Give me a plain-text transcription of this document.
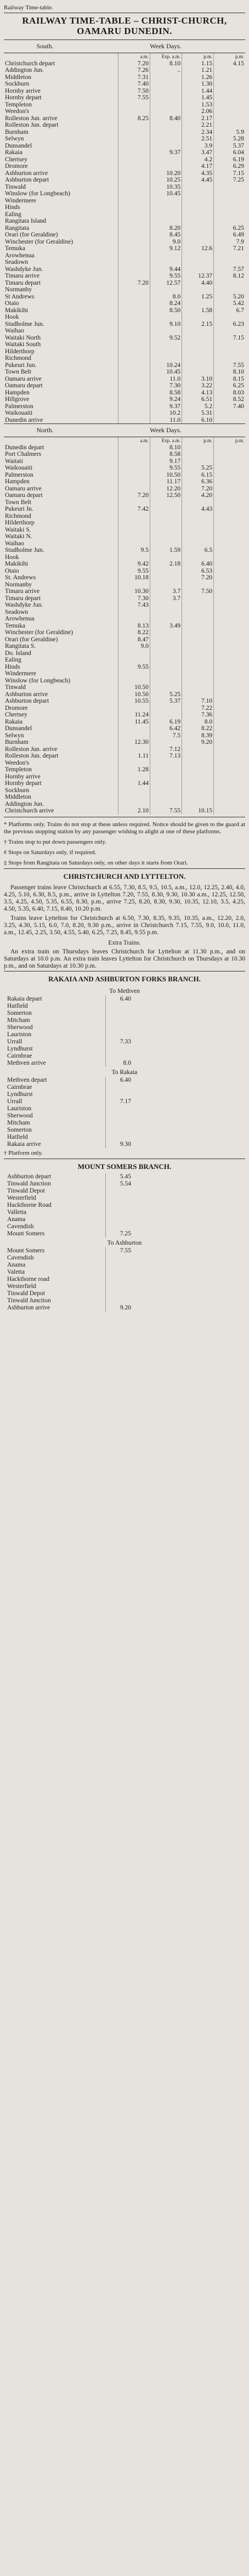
Railway Time-table.
RAILWAY TIME-TABLE – CHRIST-CHURCH, OAMARU DUNEDIN.
South.	Week Days.
	a.m.	Exp. a.m.	p.m.	p.m.
Christchurch depart	7.20	8.10	1.15	4.15
Addington Jun.	7.26	..	1.21	
Middleton	7.31		1.26	
Sockburn	7.40		1.30	
Hornby arrive	7.50		1.44	
Hornby depart	7.55		1.45	
Templeton			1.53	
Weedon's			2.06	
Rolleston Jun. arrive	8.25	8.40	2.17	
Rolleston Jun. depart			2.21	
Burnham			2.34	5.9
Selwyn			2.51	5.28
Dunsandel			3.9	5.37
Rakaia		9.37	3.47	6.04
Chertsey			4.2	6.19
Dromore			4.17	6.29
Ashburton arrive		10.20	4.35	7.15
Ashburton depart		10.25	4.45	7.25
Tinwald		10.35		
Winslow (for Longbeach)		10.45		
Windermere				
Hinds				
Ealing				
Rangitata Island				
Rangitata		8.20		6.25
Orari (for Geraldine)		8.45		6.49
Winchester (for Geraldine)		9.0		7.9
Temuka		9.12	12.6	7.21
Arowhenua				
Seadown				
Washdyke Jun.		9.44		7.57
Timaru arrive		9.55	12.37	8.12
Timaru depart	7.20	12.57	4.40	
Normanby				
St Andrews		8.0	1.25	5.20
Otaio		8.24		5.42
Makikihi		8.50	1.58	6.7
Hook				
Studholme Jun.		9.10	2.15	6.23
Waihao				
Waitaki North		9.52		7.15
Waitaki South				
Hilderthorp				
Richmond				
Pukeuri Jun.		10.24		7.55
Town Belt		10.45		8.10
Oamaru arrive		11.0	3.10	8.15
Oamaru depart		7.30	3.22	6.25
Hampden		8.58	4.13	8.03
Hillgrove		9.24	6.51	8.52
Palmerston		9.37	5.2	7.40
Waikouaiti		10.2	5.31	
Dunedin arrive		11.0	6.10	
North.	Week Days.
	a.m.	Exp. a.m.	p.m.	p.m.
Dunedin depart		8.10		
Port Chalmers		8.58		
Waitati		9.17		
Waikouaiti		9.55	5.25	
Palmerston		10.50	6.15	
Hampden		11.17	6.36	
Oamaru arrive		12.20	7.20	
Oamaru depart	7.20	12.50	4.20	
Town Belt				
Pukeuri Jn.	7.42		4.43	
Richmond				
Hilderthorp				
Waitaki S.				
Waitaki N.				
Waihao				
Studholme Jun.	9.5	1.59	6.5	
Hook				
Makikihi	9.42	2.18	6.40	
Otaio	9.55		6.53	
St. Andrews	10.18		7.20	
Normanby				
Timaru arrive	10.30	3.7	7.50	
Timaru depart	7.30	3.7		
Washdyke Jun.	7.43			
Seadown				
Arowhenua				
Temuka	8.13	3.49		
Winchester (for Geraldine)	8.22			
Orari (for Geraldine)	8.47			
Rangitata S.	9.0			
Do. Island				
Ealing				
Hinds	9.55			
Windermere				
Winslow (for Longbeach)				
Tinwald	10.50			
Ashburton arrive	10.50	5.25		
Ashburton depart	10.55	5.37	7.10	
Dromore			7.22	
Chertsey	11.24		7.36	
Rakaia	11.45	6.19	8.0	
Dunsandel		6.42	8.22	
Selwyn		7.5	8.39	
Burnham	12.30		9.20	
Rolleston Jun. arrive		7.12		
Rolleston Jun. depart	1.11	7.13		
Weedon's				
Templeton	1.28			
Hornby arrive				
Hornby depart	1.44			
Sockburn				
Middleton				
Addington Jun.				
Christchurch arrive	2.10	7.55	10.15	
* Platforms only. Trains do not stop at these unless required. Notice should be given to the guard at the previous stopping station by any passenger wishing to alight at one of these platforms.
† Trains stop to put down passengers only.
¢ Stops on Saturdays only, if required.
‡ Stops from Rangitata on Saturdays only, on other days it starts from Orari.
CHRISTCHURCH AND LYTTELTON.
Passenger trains leave Christchurch at 6.55, 7.30, 8.5, 9.5, 10.5, a.m., 12.0, 12.25, 2.40, 4.0, 4.25, 5.10, 6.30, 8.5, p.m., arrive in Lyttelton 7.20, 7.55, 8.30, 9.30, 10.30 a.m., 12.25, 12.50, 3.5, 4.25, 4.50, 5.35, 6.55, 8.30, p.m., arrive 7.25, 8.20, 8.30, 9.30, 10.35, 12.10, 3.5, 4.25, 4.50, 5.35, 6.40, 7.15, 8.40, 10.20 p.m.
Trains leave Lyttelton for Christchurch at 6.50, 7.30, 8.35, 9.35, 10.35, a.m., 12.20, 2.0, 3.25, 4.30, 5.15, 6.0, 7.0, 8.20, 9.30 p.m., arrive in Christchurch 7.15, 7.55, 9.0, 10.0, 11.0, a.m., 12.45, 2.25, 3.50, 4.55, 5.40, 6.25, 7.25, 8.45, 9.55 p.m.
Extra Trains.
An extra train on Thursdays leaves Christchurch for Lyttelton at 11.30 p.m., and on Saturdays at 10.0 p.m. An extra train leaves Lyttelton for Christchurch on Thursdays at 10.30 p.m., and on Saturdays at 10.30 p.m.
RAKAIA AND ASHBURTON FORKS BRANCH.
To Methven
Rakaia depart	6.40
Hatfield	
Somerton	
Mitcham	
Sherwood	
Lauriston	
Urrall	7.33
Lyndhurst	
Cairnbrae	
Methven arrive	8.0
To Rakaia
Methven depart	6.40
Cairnbrae	
Lyndhurst	
Urrall	7.17
Lauriston	
Sherwood	
Mitcham	
Somerton	
Hatfield	
Rakaia arrive	9.30
† Platform only.
MOUNT SOMERS BRANCH.
Ashburton depart	5.45
Tinwald Junction	5.54
Tinwald Depot	
Westerfield	
Hackthorne Road	
Valletta	
Anama	
Cavendish	
Mount Somers	7.25
To Ashburton
Mount Somers	7.55
Cavendish	
Anama	
Valetta	
Hackthorne road	
Westerfield	
Tinwald Depot	
Tinwald Junction	
Ashburton arrive	9.20
